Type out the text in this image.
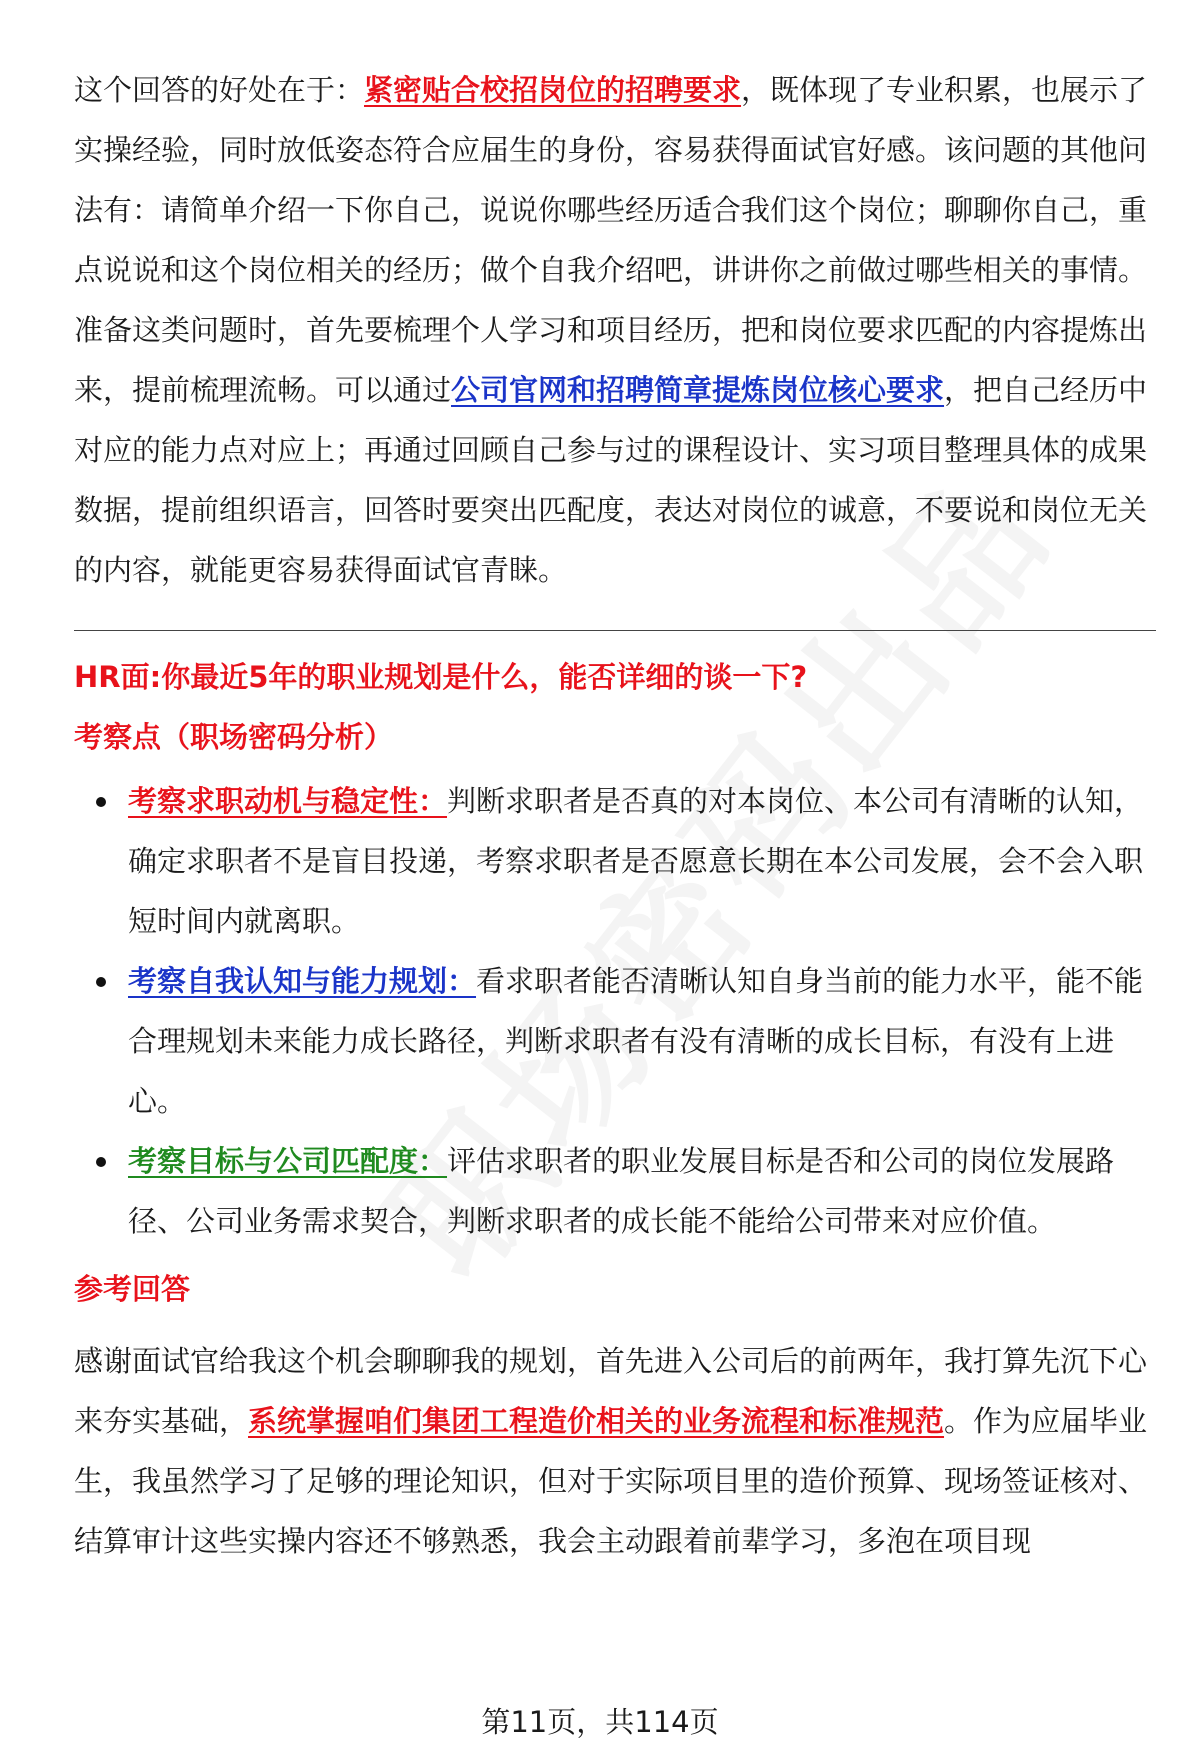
这个回答的好处在于：紧密贴合校招岗位的招聘要求，既体现了专业积累，也展示了实操经验，同时放低姿态符合应届生的身份，容易获得面试官好感。该问题的其他问法有：请简单介绍一下你自己，说说你哪些经历适合我们这个岗位；聊聊你自己，重点说说和这个岗位相关的经历；做个自我介绍吧，讲讲你之前做过哪些相关的事情。

准备这类问题时，首先要梳理个人学习和项目经历，把和岗位要求匹配的内容提炼出来，提前梳理流畅。可以通过公司官网和招聘简章提炼岗位核心要求，把自己经历中对应的能力点对应上；再通过回顾自己参与过的课程设计、实习项目整理具体的成果数据，提前组织语言，回答时要突出匹配度，表达对岗位的诚意，不要说和岗位无关的内容，就能更容易获得面试官青睐。

HR面:你最近5年的职业规划是什么，能否详细的谈一下?
考察点（职场密码分析）
考察求职动机与稳定性：判断求职者是否真的对本岗位、本公司有清晰的认知，确定求职者不是盲目投递，考察求职者是否愿意长期在本公司发展，会不会入职短时间内就离职。
考察自我认知与能力规划：看求职者能否清晰认知自身当前的能力水平，能不能合理规划未来能力成长路径，判断求职者有没有清晰的成长目标，有没有上进心。
考察目标与公司匹配度：评估求职者的职业发展目标是否和公司的岗位发展路径、公司业务需求契合，判断求职者的成长能不能给公司带来对应价值。
参考回答

感谢面试官给我这个机会聊聊我的规划，首先进入公司后的前两年，我打算先沉下心来夯实基础，系统掌握咱们集团工程造价相关的业务流程和标准规范。作为应届毕业生，我虽然学习了足够的理论知识，但对于实际项目里的造价预算、现场签证核对、结算审计这些实操内容还不够熟悉，我会主动跟着前辈学习，多泡在项目现

第11页，共114页
